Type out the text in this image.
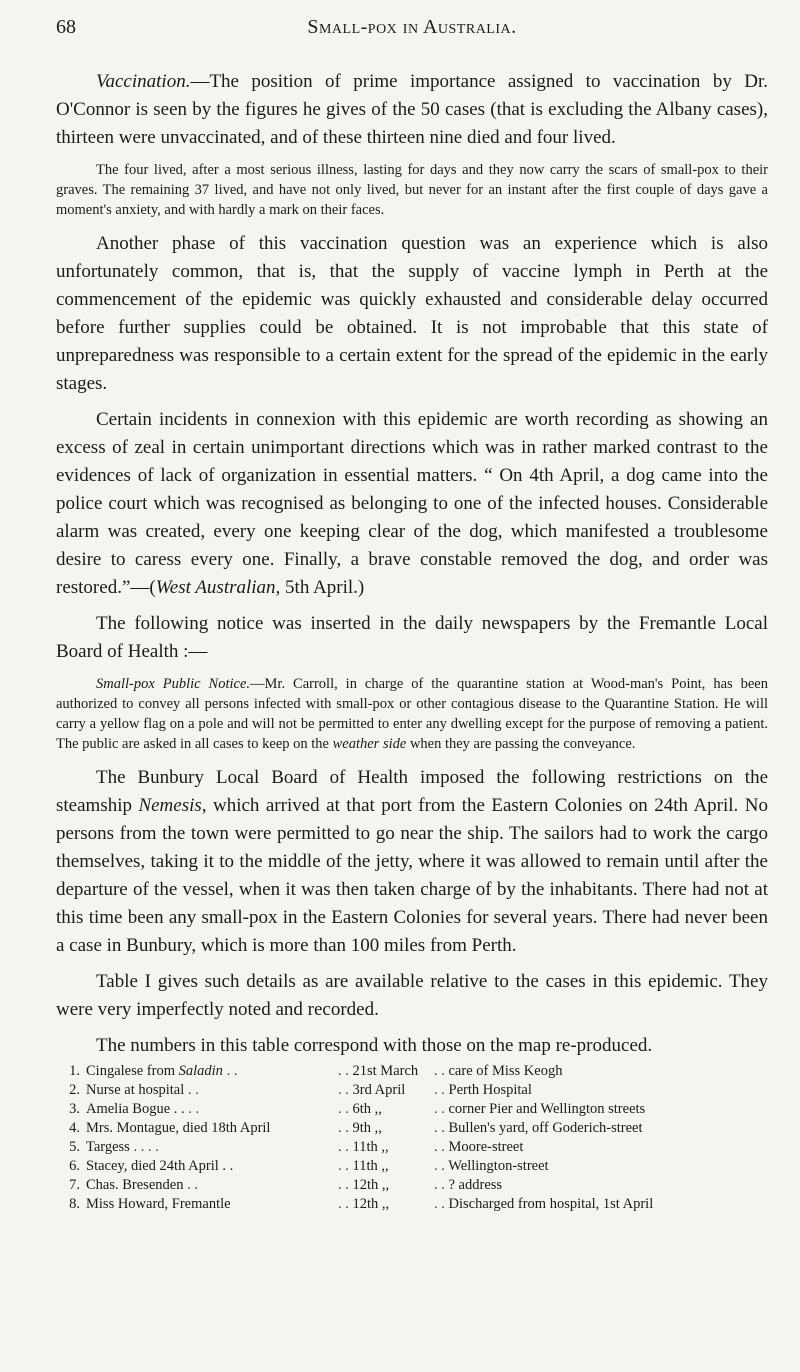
68	Small-pox in Australia.

Vaccination.—The position of prime importance assigned to vaccination by Dr. O'Connor is seen by the figures he gives of the 50 cases (that is excluding the Albany cases), thirteen were unvaccinated, and of these thirteen nine died and four lived.

The four lived, after a most serious illness, lasting for days and they now carry the scars of small-pox to their graves. The remaining 37 lived, and have not only lived, but never for an instant after the first couple of days gave a moment's anxiety, and with hardly a mark on their faces.

Another phase of this vaccination question was an experience which is also unfortunately common, that is, that the supply of vaccine lymph in Perth at the commencement of the epidemic was quickly exhausted and considerable delay occurred before further supplies could be obtained. It is not improbable that this state of unpreparedness was responsible to a certain extent for the spread of the epidemic in the early stages.

Certain incidents in connexion with this epidemic are worth recording as showing an excess of zeal in certain unimportant directions which was in rather marked contrast to the evidences of lack of organization in essential matters. “ On 4th April, a dog came into the police court which was recognised as belonging to one of the infected houses. Considerable alarm was created, every one keeping clear of the dog, which manifested a troublesome desire to caress every one. Finally, a brave constable removed the dog, and order was restored.”—(West Australian, 5th April.)

The following notice was inserted in the daily newspapers by the Fremantle Local Board of Health :—

Small-pox Public Notice.—Mr. Carroll, in charge of the quarantine station at Wood-man's Point, has been authorized to convey all persons infected with small-pox or other contagious disease to the Quarantine Station. He will carry a yellow flag on a pole and will not be permitted to enter any dwelling except for the purpose of removing a patient. The public are asked in all cases to keep on the weather side when they are passing the conveyance.

The Bunbury Local Board of Health imposed the following restrictions on the steamship Nemesis, which arrived at that port from the Eastern Colonies on 24th April. No persons from the town were permitted to go near the ship. The sailors had to work the cargo themselves, taking it to the middle of the jetty, where it was allowed to remain until after the departure of the vessel, when it was then taken charge of by the inhabitants. There had not at this time been any small-pox in the Eastern Colonies for several years. There had never been a case in Bunbury, which is more than 100 miles from Perth.

Table I gives such details as are available relative to the cases in this epidemic. They were very imperfectly noted and recorded.

The numbers in this table correspond with those on the map re-produced.

1. Cingalese from Saladin . .	. . 21st March	. . care of Miss Keogh
2. Nurse at hospital . .	. . 3rd April	. . Perth Hospital
3. Amelia Bogue . . . .	. . 6th ,,	. . corner Pier and Wellington streets
4. Mrs. Montague, died 18th April	. . 9th ,,	. . Bullen's yard, off Goderich-street
5. Targess . . . .	. . 11th ,,	. . Moore-street
6. Stacey, died 24th April . .	. . 11th ,,	. . Wellington-street
7. Chas. Bresenden . .	. . 12th ,,	. . ? address
8. Miss Howard, Fremantle	. . 12th ,,	. . Discharged from hospital, 1st April
